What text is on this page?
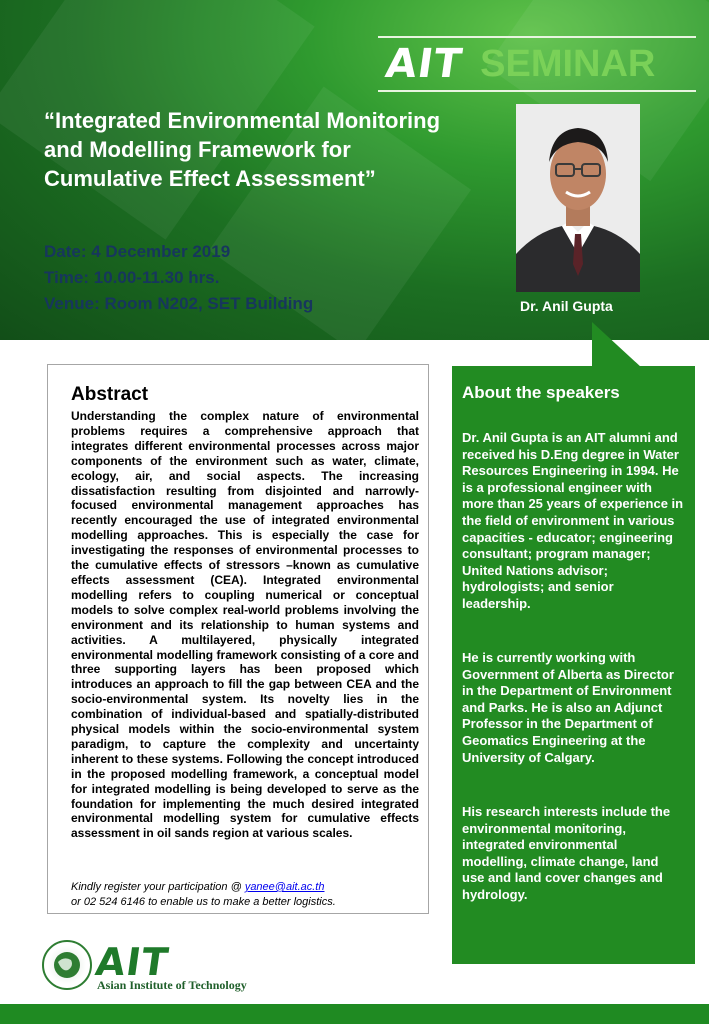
AIT SEMINAR
“Integrated Environmental Monitoring and Modelling Framework for Cumulative Effect Assessment”
Date: 4 December 2019
Time: 10.00-11.30 hrs.
Venue: Room N202, SET Building	Dr. Anil Gupta
Abstract
Understanding the complex nature of environmental problems requires a comprehensive approach that integrates different environmental processes across major components of the environment such as water, climate, ecology, air, and social aspects. The increasing dissatisfaction resulting from disjointed and narrowly-focused environmental management approaches has recently encouraged the use of integrated environmental modelling approaches. This is especially the case for investigating the responses of environmental processes to the cumulative effects of stressors –known as cumulative effects assessment (CEA). Integrated environmental modelling refers to coupling numerical or conceptual models to solve complex real-world problems involving the environment and its relationship to human systems and activities. A multilayered, physically integrated environmental modelling framework consisting of a core and three supporting layers has been proposed which introduces an approach to fill the gap between CEA and the socio-environmental system. Its novelty lies in the combination of individual-based and spatially-distributed physical models within the socio-environmental system paradigm, to capture the complexity and uncertainty inherent to these systems. Following the concept introduced in the proposed modelling framework, a conceptual model for integrated modelling is being developed to serve as the foundation for implementing the much desired integrated environmental modelling system for cumulative effects assessment in oil sands region at various scales.
Kindly register your participation @ yanee@ait.ac.th
or 02 524 6146 to enable us to make a better logistics.
About the speakers
Dr. Anil Gupta is an AIT alumni and received his D.Eng degree in Water Resources Engineering in 1994. He is a professional engineer with more than 25 years of experience in the field of environment in various capacities - educator; engineering consultant; program manager; United Nations advisor; hydrologists; and senior leadership.
He is currently working with Government of Alberta as Director in the Department of Environment and Parks. He is also an Adjunct Professor in the Department of Geomatics Engineering at the University of Calgary.
His research interests include the environmental monitoring, integrated environmental modelling, climate change, land use and land cover changes and hydrology.
AIT
Asian Institute of Technology
